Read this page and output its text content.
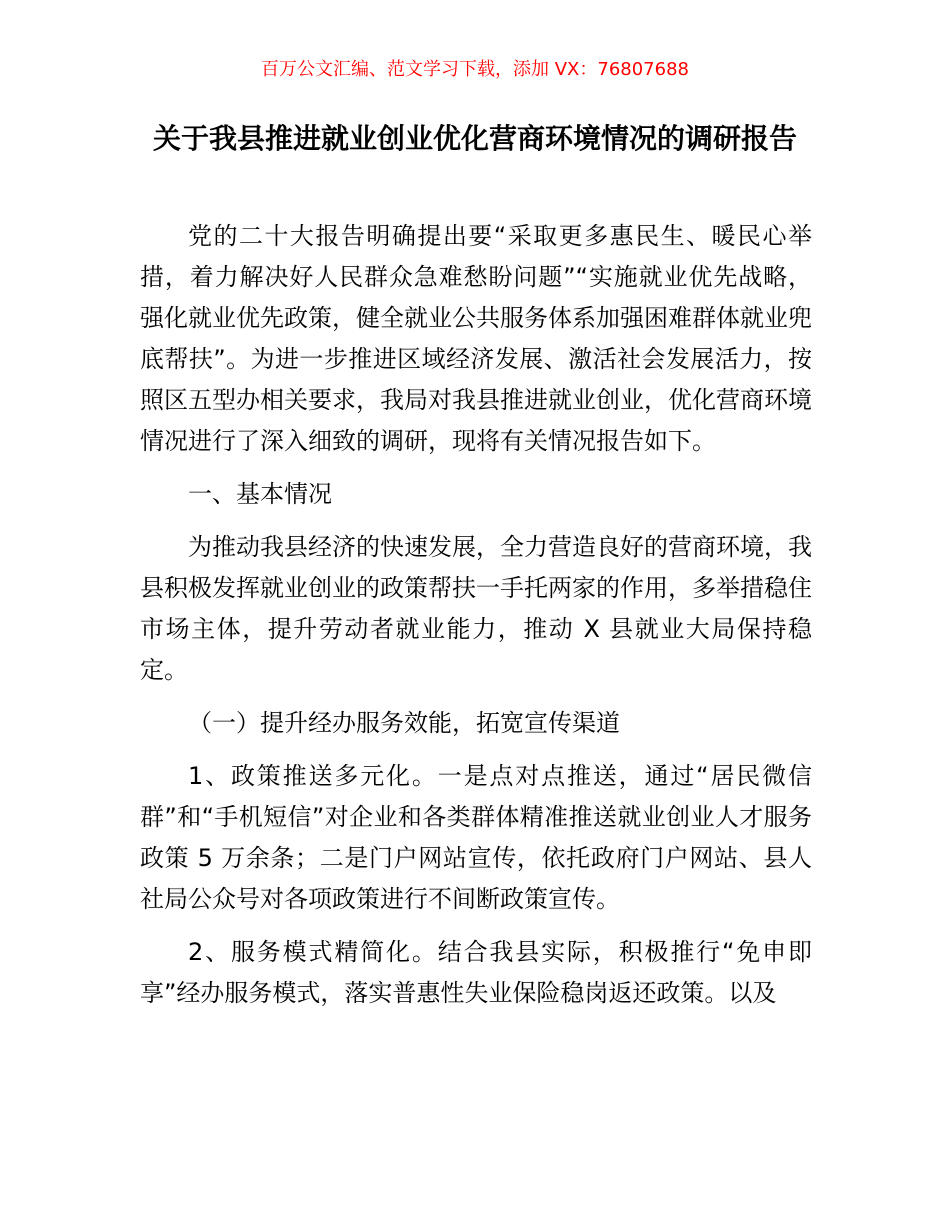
百万公文汇编、范文学习下载，添加 VX：76807688
关于我县推进就业创业优化营商环境情况的调研报告

党的二十大报告明确提出要“采取更多惠民生、暖民心举措，着力解决好人民群众急难愁盼问题”“实施就业优先战略，强化就业优先政策，健全就业公共服务体系加强困难群体就业兜底帮扶”。为进一步推进区域经济发展、激活社会发展活力，按照区五型办相关要求，我局对我县推进就业创业，优化营商环境情况进行了深入细致的调研，现将有关情况报告如下。

一、基本情况

为推动我县经济的快速发展，全力营造良好的营商环境，我县积极发挥就业创业的政策帮扶一手托两家的作用，多举措稳住市场主体，提升劳动者就业能力，推动 X 县就业大局保持稳定。

（一）提升经办服务效能，拓宽宣传渠道

1、政策推送多元化。一是点对点推送，通过“居民微信群”和“手机短信”对企业和各类群体精准推送就业创业人才服务政策 5 万余条；二是门户网站宣传，依托政府门户网站、县人社局公众号对各项政策进行不间断政策宣传。

2、服务模式精简化。结合我县实际，积极推行“免申即享”经办服务模式，落实普惠性失业保险稳岗返还政策。以及
